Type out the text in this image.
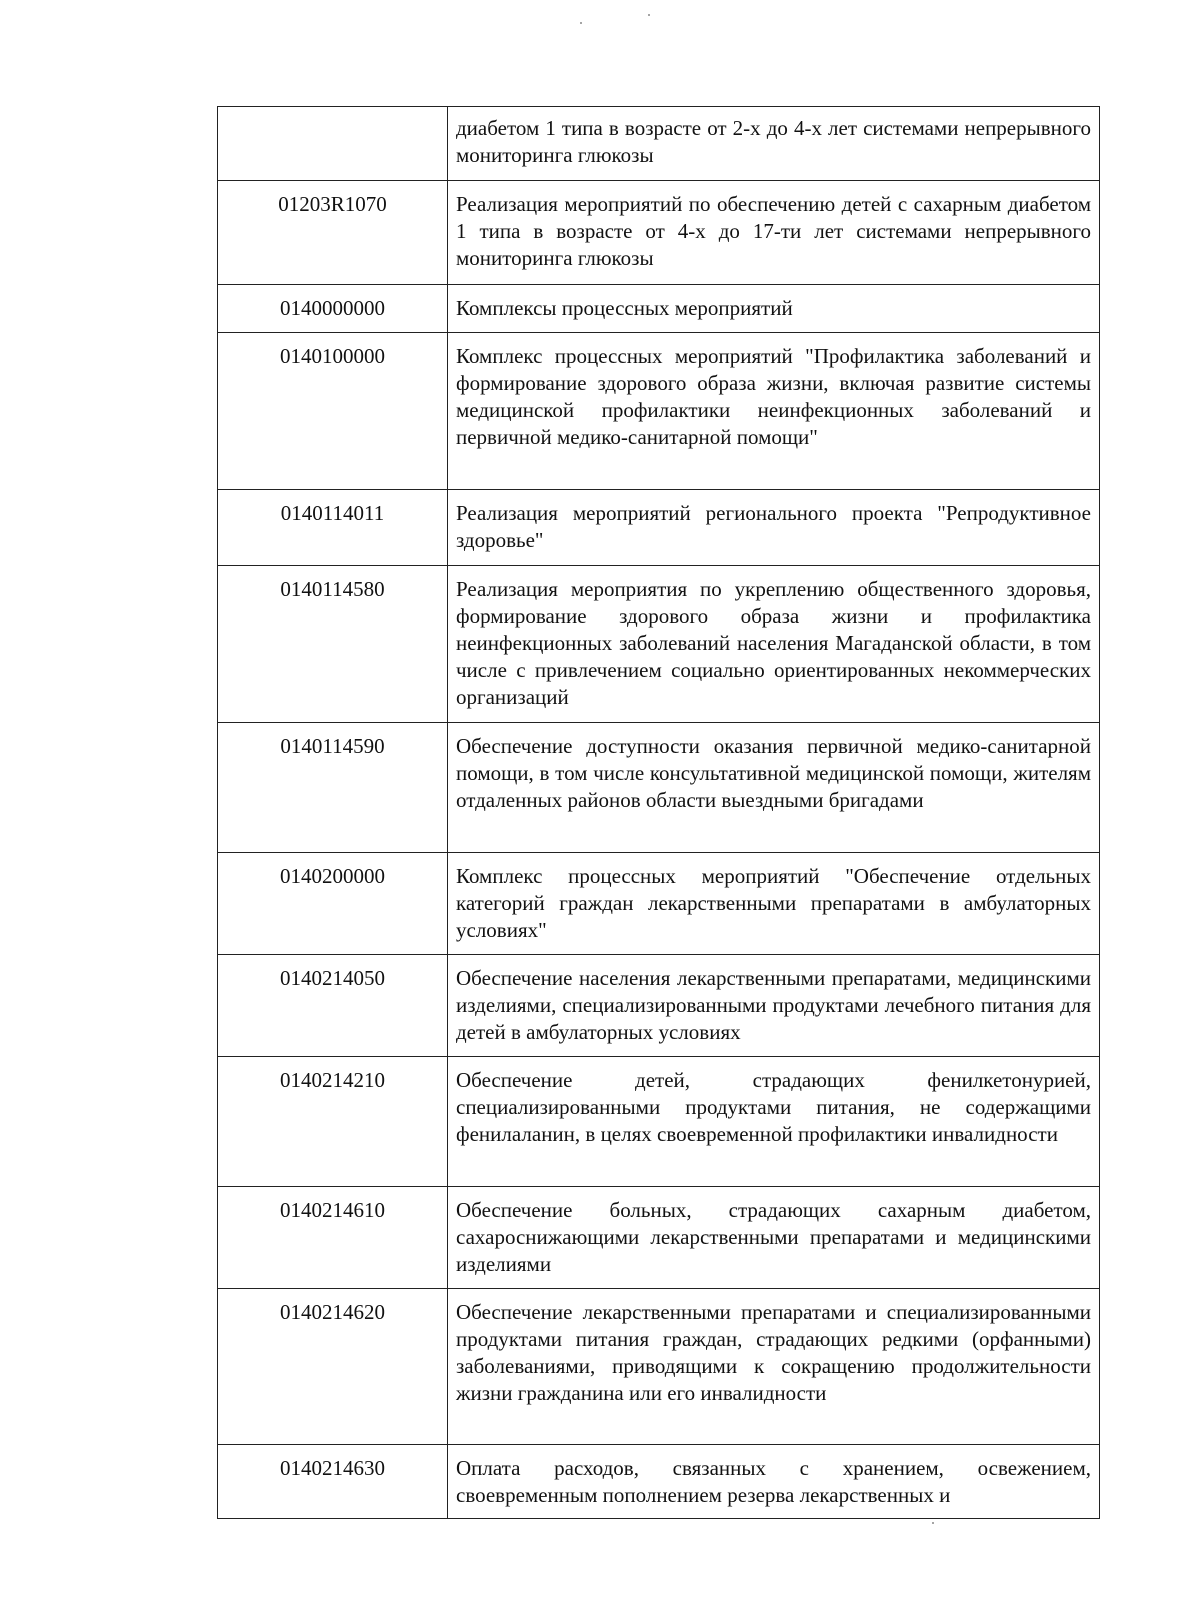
	диабетом 1 типа в возрасте от 2-х до 4-х лет системами непрерывного мониторинга глюкозы

01203R1070	Реализация мероприятий по обеспечению детей с сахарным диабетом 1 типа в возрасте от 4-х до 17-ти лет системами непрерывного мониторинга глюкозы

0140000000	Комплексы процессных мероприятий

0140100000	Комплекс процессных мероприятий "Профилактика заболеваний и формирование здорового образа жизни, включая развитие системы медицинской профилактики неинфекционных заболеваний и первичной медико-санитарной помощи"

0140114011	Реализация мероприятий регионального проекта "Репродуктивное здоровье"

0140114580	Реализация мероприятия по укреплению общественного здоровья, формирование здорового образа жизни и профилактика неинфекционных заболеваний населения Магаданской области, в том числе с привлечением социально ориентированных некоммерческих организаций

0140114590	Обеспечение доступности оказания первичной медико-санитарной помощи, в том числе консультативной медицинской помощи, жителям отдаленных районов области выездными бригадами

0140200000	Комплекс процессных мероприятий "Обеспечение отдельных категорий граждан лекарственными препаратами в амбулаторных условиях"

0140214050	Обеспечение населения лекарственными препаратами, медицинскими изделиями, специализированными продуктами лечебного питания для детей в амбулаторных условиях

0140214210	Обеспечение детей, страдающих фенилкетонурией, специализированными продуктами питания, не содержащими фенилаланин, в целях своевременной профилактики инвалидности

0140214610	Обеспечение больных, страдающих сахарным диабетом, сахароснижающими лекарственными препаратами и медицинскими изделиями

0140214620	Обеспечение лекарственными препаратами и специализированными продуктами питания граждан, страдающих редкими (орфанными) заболеваниями, приводящими к сокращению продолжительности жизни гражданина или его инвалидности

0140214630	Оплата расходов, связанных с хранением, освежением, своевременным пополнением резерва лекарственных и
